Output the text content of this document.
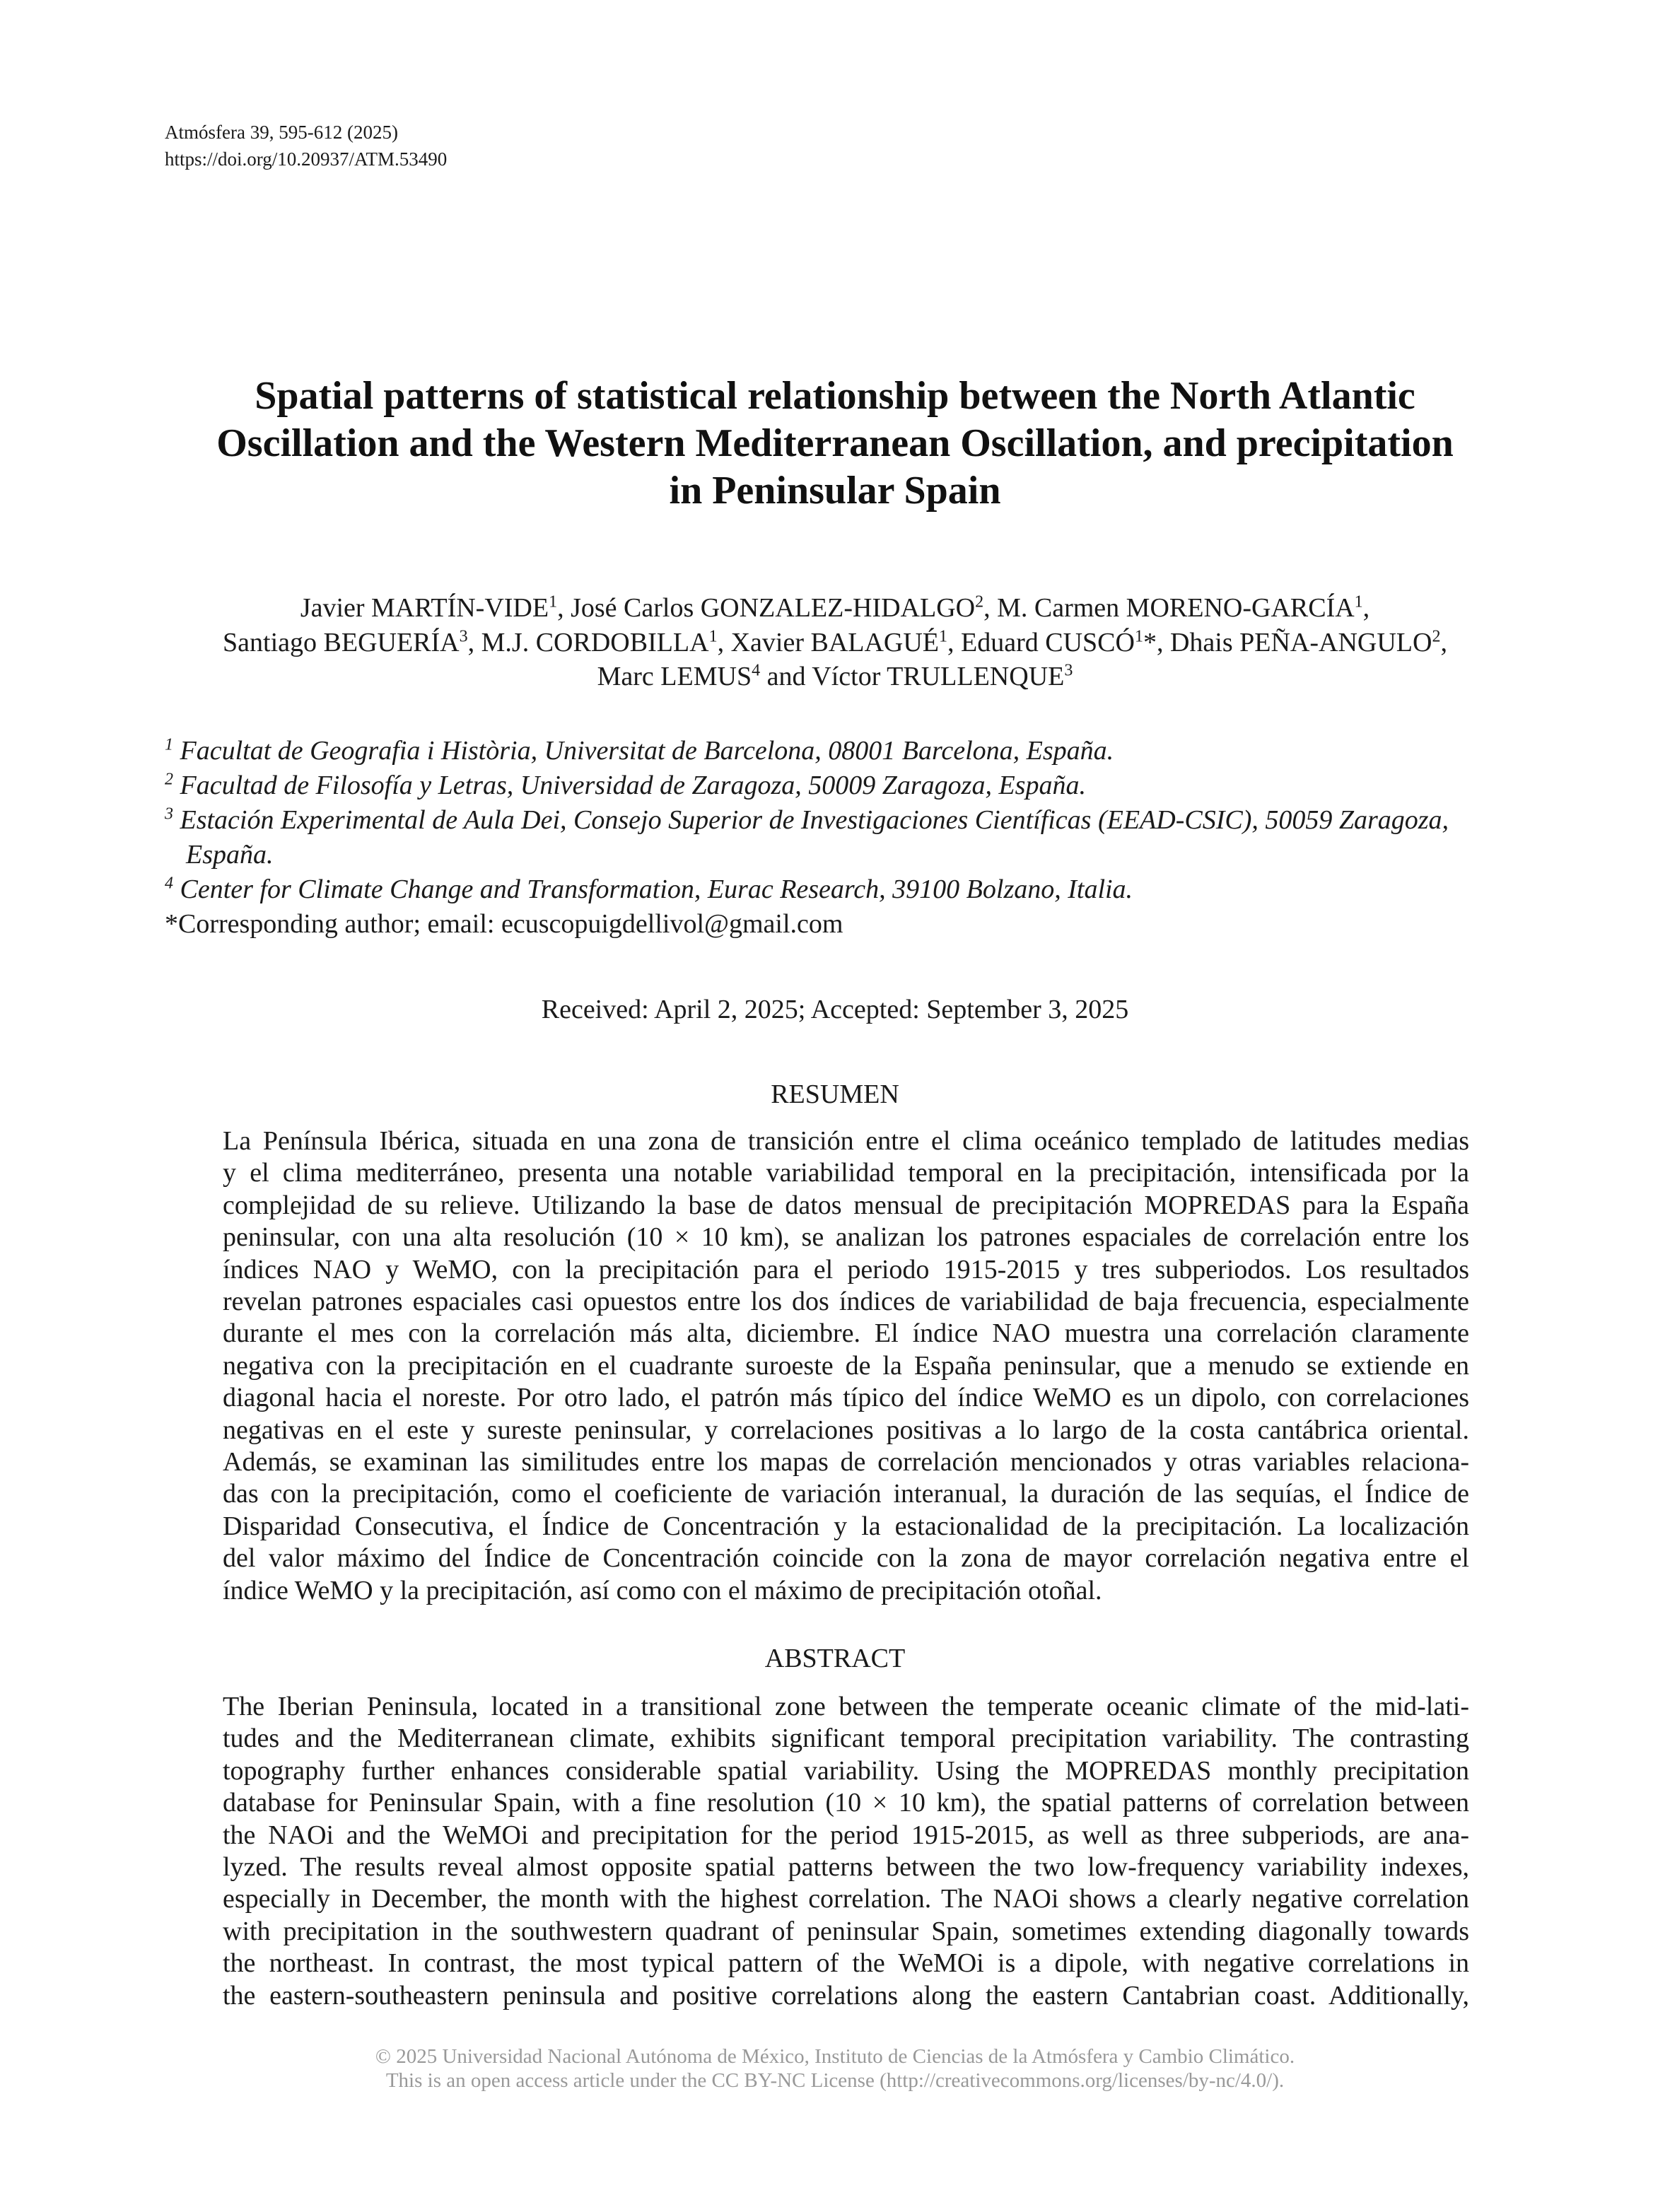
Atmósfera 39, 595-612 (2025)
https://doi.org/10.20937/ATM.53490
Spatial patterns of statistical relationship between the North Atlantic
Oscillation and the Western Mediterranean Oscillation, and precipitation
in Peninsular Spain
Javier MARTÍN-VIDE$^1$, José Carlos GONZALEZ-HIDALGO$^2$, M. Carmen MORENO-GARCÍA$^1$,
Santiago BEGUERÍA$^3$, M.J. CORDOBILLA$^1$, Xavier BALAGUÉ$^1$, Eduard CUSCÓ$^1$*, Dhais PEÑA-ANGULO$^2$,
Marc LEMUS$^4$ and Víctor TRULLENQUE$^3$
$^1$ Facultat de Geografia i Història, Universitat de Barcelona, 08001 Barcelona, España.
$^2$ Facultad de Filosofía y Letras, Universidad de Zaragoza, 50009 Zaragoza, España.
$^3$ Estación Experimental de Aula Dei, Consejo Superior de Investigaciones Científicas (EEAD-CSIC), 50059 Zaragoza,
España.
$^4$ Center for Climate Change and Transformation, Eurac Research, 39100 Bolzano, Italia.
*Corresponding author; email: ecuscopuigdellivol@gmail.com
Received: April 2, 2025; Accepted: September 3, 2025
RESUMEN
La Península Ibérica, situada en una zona de transición entre el clima oceánico templado de latitudes medias
y el clima mediterráneo, presenta una notable variabilidad temporal en la precipitación, intensificada por la
complejidad de su relieve. Utilizando la base de datos mensual de precipitación MOPREDAS para la España
peninsular, con una alta resolución (10 × 10 km), se analizan los patrones espaciales de correlación entre los
índices NAO y WeMO, con la precipitación para el periodo 1915-2015 y tres subperiodos. Los resultados
revelan patrones espaciales casi opuestos entre los dos índices de variabilidad de baja frecuencia, especialmente
durante el mes con la correlación más alta, diciembre. El índice NAO muestra una correlación claramente
negativa con la precipitación en el cuadrante suroeste de la España peninsular, que a menudo se extiende en
diagonal hacia el noreste. Por otro lado, el patrón más típico del índice WeMO es un dipolo, con correlaciones
negativas en el este y sureste peninsular, y correlaciones positivas a lo largo de la costa cantábrica oriental.
Además, se examinan las similitudes entre los mapas de correlación mencionados y otras variables relaciona-
das con la precipitación, como el coeficiente de variación interanual, la duración de las sequías, el Índice de
Disparidad Consecutiva, el Índice de Concentración y la estacionalidad de la precipitación. La localización
del valor máximo del Índice de Concentración coincide con la zona de mayor correlación negativa entre el
índice WeMO y la precipitación, así como con el máximo de precipitación otoñal.
ABSTRACT
The Iberian Peninsula, located in a transitional zone between the temperate oceanic climate of the mid-lati-
tudes and the Mediterranean climate, exhibits significant temporal precipitation variability. The contrasting
topography further enhances considerable spatial variability. Using the MOPREDAS monthly precipitation
database for Peninsular Spain, with a fine resolution (10 × 10 km), the spatial patterns of correlation between
the NAOi and the WeMOi and precipitation for the period 1915-2015, as well as three subperiods, are ana-
lyzed. The results reveal almost opposite spatial patterns between the two low-frequency variability indexes,
especially in December, the month with the highest correlation. The NAOi shows a clearly negative correlation
with precipitation in the southwestern quadrant of peninsular Spain, sometimes extending diagonally towards
the northeast. In contrast, the most typical pattern of the WeMOi is a dipole, with negative correlations in
the eastern-southeastern peninsula and positive correlations along the eastern Cantabrian coast. Additionally,
© 2025 Universidad Nacional Autónoma de México, Instituto de Ciencias de la Atmósfera y Cambio Climático.
This is an open access article under the CC BY-NC License (http://creativecommons.org/licenses/by-nc/4.0/).
